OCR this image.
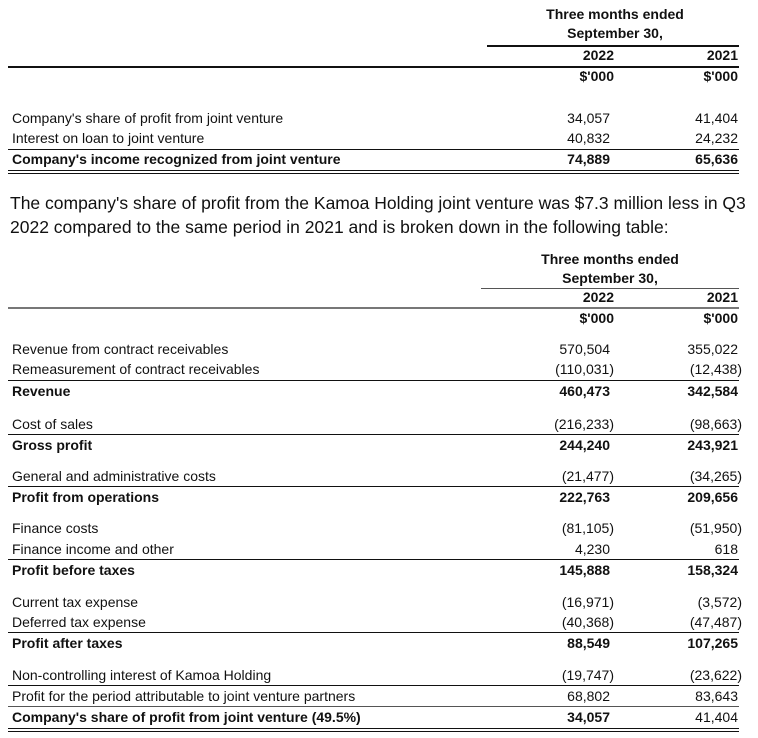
Three months ended
September 30,
2022	2021
$'000	$'000
Company's share of profit from joint venture	34,057	41,404
Interest on loan to joint venture	40,832	24,232
Company's income recognized from joint venture	74,889	65,636
The company's share of profit from the Kamoa Holding joint venture was $7.3 million less in Q3 2022 compared to the same period in 2021 and is broken down in the following table:
Three months ended
September 30,
2022	2021
$'000	$'000
Revenue from contract receivables	570,504	355,022
Remeasurement of contract receivables	(110,031)	(12,438)
Revenue	460,473	342,584
Cost of sales	(216,233)	(98,663)
Gross profit	244,240	243,921
General and administrative costs	(21,477)	(34,265)
Profit from operations	222,763	209,656
Finance costs	(81,105)	(51,950)
Finance income and other	4,230	618
Profit before taxes	145,888	158,324
Current tax expense	(16,971)	(3,572)
Deferred tax expense	(40,368)	(47,487)
Profit after taxes	88,549	107,265
Non-controlling interest of Kamoa Holding	(19,747)	(23,622)
Profit for the period attributable to joint venture partners	68,802	83,643
Company's share of profit from joint venture (49.5%)	34,057	41,404
